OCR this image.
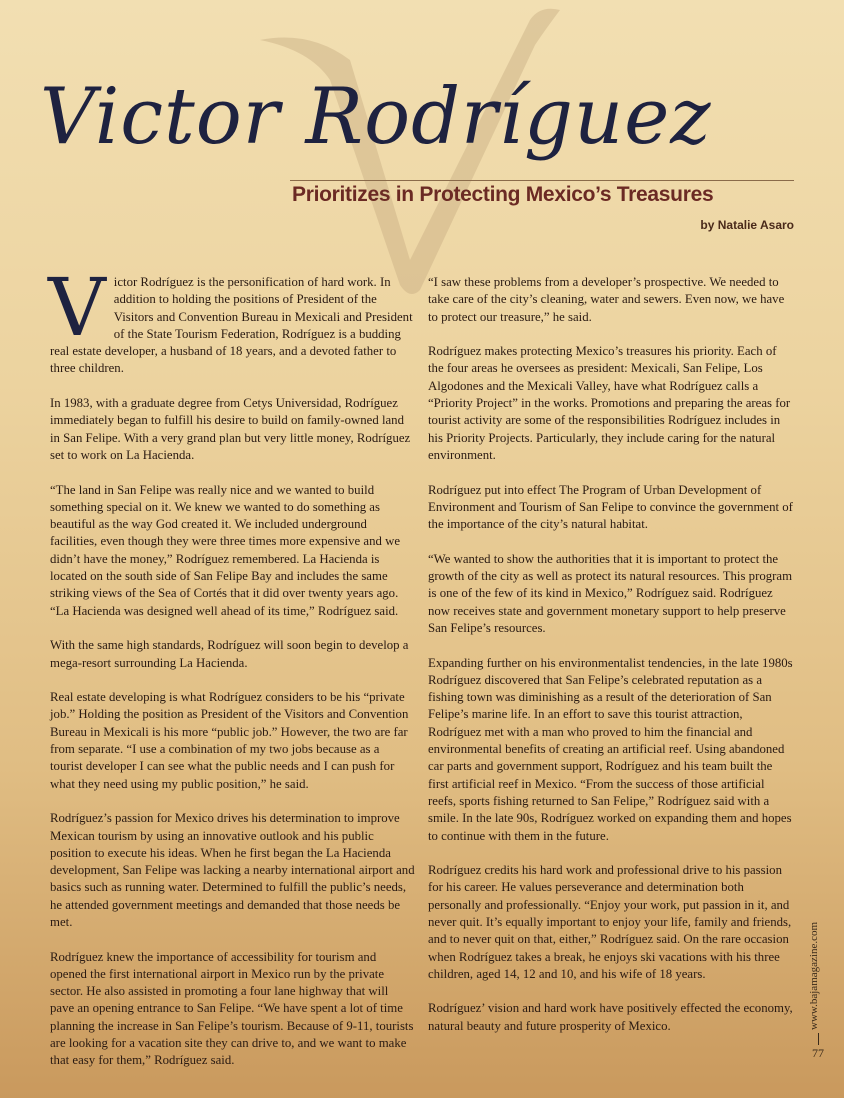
Victor Rodríguez
Prioritizes in Protecting Mexico’s Treasures
by Natalie Asaro

Victor Rodríguez is the personification of hard work. In addition to holding the positions of President of the Visitors and Convention Bureau in Mexicali and President of the State Tourism Federation, Rodríguez is a budding real estate developer, a husband of 18 years, and a devoted father to three children.

In 1983, with a graduate degree from Cetys Universidad, Rodríguez immediately began to fulfill his desire to build on family-owned land in San Felipe. With a very grand plan but very little money, Rodríguez set to work on La Hacienda.

“The land in San Felipe was really nice and we wanted to build something special on it. We knew we wanted to do something as beautiful as the way God created it. We included underground facilities, even though they were three times more expensive and we didn’t have the money,” Rodríguez remembered. La Hacienda is located on the south side of San Felipe Bay and includes the same striking views of the Sea of Cortés that it did over twenty years ago. “La Hacienda was designed well ahead of its time,” Rodríguez said.

With the same high standards, Rodríguez will soon begin to develop a mega-resort surrounding La Hacienda.

Real estate developing is what Rodríguez considers to be his “private job.” Holding the position as President of the Visitors and Convention Bureau in Mexicali is his more “public job.” However, the two are far from separate. “I use a combination of my two jobs because as a tourist developer I can see what the public needs and I can push for what they need using my public position,” he said.

Rodríguez’s passion for Mexico drives his determination to improve Mexican tourism by using an innovative outlook and his public position to execute his ideas. When he first began the La Hacienda development, San Felipe was lacking a nearby international airport and basics such as running water. Determined to fulfill the public’s needs, he attended government meetings and demanded that those needs be met.

Rodríguez knew the importance of accessibility for tourism and opened the first international airport in Mexico run by the private sector. He also assisted in promoting a four lane highway that will pave an opening entrance to San Felipe. “We have spent a lot of time planning the increase in San Felipe’s tourism. Because of 9-11, tourists are looking for a vacation site they can drive to, and we want to make that easy for them,” Rodríguez said.

“I saw these problems from a developer’s prospective. We needed to take care of the city’s cleaning, water and sewers. Even now, we have to protect our treasure,” he said.

Rodríguez makes protecting Mexico’s treasures his priority. Each of the four areas he oversees as president: Mexicali, San Felipe, Los Algodones and the Mexicali Valley, have what Rodríguez calls a “Priority Project” in the works. Promotions and preparing the areas for tourist activity are some of the responsibilities Rodríguez includes in his Priority Projects. Particularly, they include caring for the natural environment.

Rodríguez put into effect The Program of Urban Development of Environment and Tourism of San Felipe to convince the government of the importance of the city’s natural habitat.

“We wanted to show the authorities that it is important to protect the growth of the city as well as protect its natural resources. This program is one of the few of its kind in Mexico,” Rodríguez said. Rodríguez now receives state and government monetary support to help preserve San Felipe’s resources.

Expanding further on his environmentalist tendencies, in the late 1980s Rodríguez discovered that San Felipe’s celebrated reputation as a fishing town was diminishing as a result of the deterioration of San Felipe’s marine life. In an effort to save this tourist attraction, Rodríguez met with a man who proved to him the financial and environmental benefits of creating an artificial reef. Using abandoned car parts and government support, Rodríguez and his team built the first artificial reef in Mexico. “From the success of those artificial reefs, sports fishing returned to San Felipe,” Rodríguez said with a smile. In the late 90s, Rodríguez worked on expanding them and hopes to continue with them in the future.

Rodríguez credits his hard work and professional drive to his passion for his career. He values perseverance and determination both personally and professionally. “Enjoy your work, put passion in it, and never quit. It’s equally important to enjoy your life, family and friends, and to never quit on that, either,” Rodríguez said. On the rare occasion when Rodríguez takes a break, he enjoys ski vacations with his three children, aged 14, 12 and 10, and his wife of 18 years.

Rodríguez’ vision and hard work have positively effected the economy, natural beauty and future prosperity of Mexico.	www.bajamagazine.com
77
